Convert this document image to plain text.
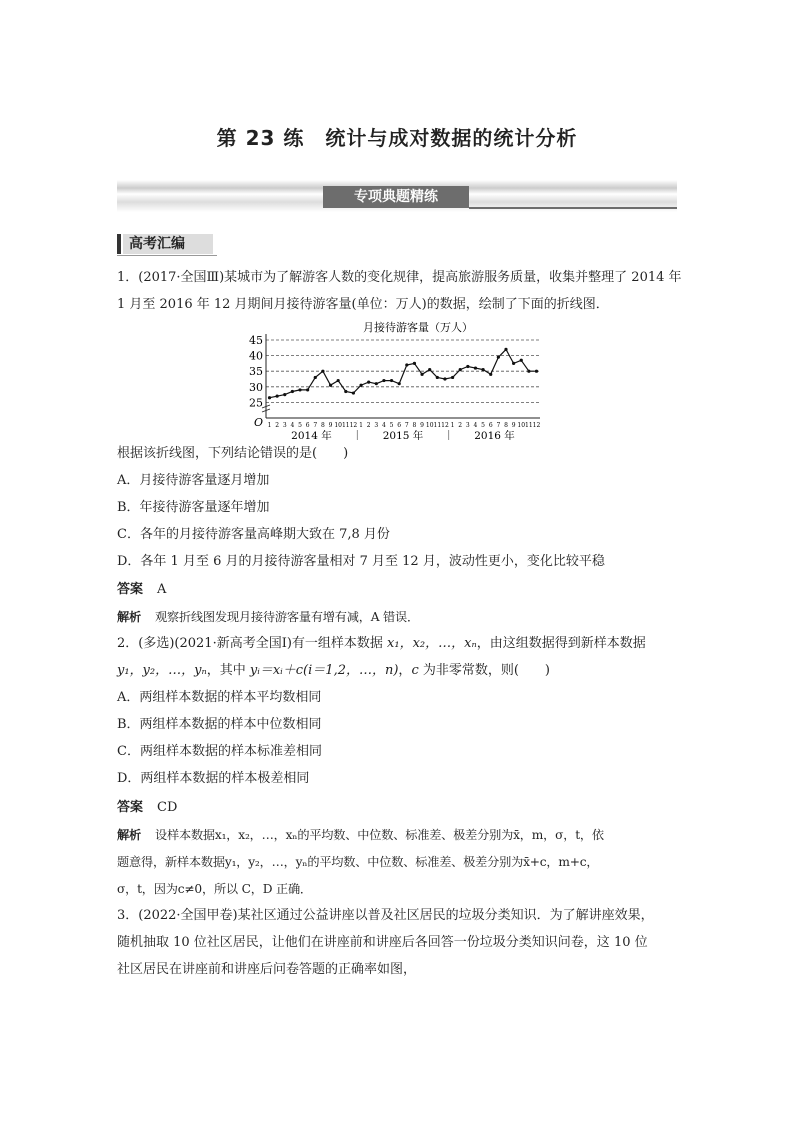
第 23 练　统计与成对数据的统计分析
专项典题精练
高考汇编
1．(2017·全国Ⅲ)某城市为了解游客人数的变化规律，提高旅游服务质量，收集并整理了 2014 年
1 月至 2016 年 12 月期间月接待游客量(单位：万人)的数据，绘制了下面的折线图．
月接待游客量（万人）
O
25
30
35
40
45
1 2 3 4 5 6 7 8 9 10 11 12 1 2 3 4 5 6 7 8 9 10 11 12 1 2 3 4 5 6 7 8 9 10 11 12
2014 年	2015 年	2016 年
根据该折线图，下列结论错误的是(　　)
A．月接待游客量逐月增加
B．年接待游客量逐年增加
C．各年的月接待游客量高峰期大致在 7,8 月份
D．各年 1 月至 6 月的月接待游客量相对 7 月至 12 月，波动性更小，变化比较平稳
答案 A
解析 观察折线图发现月接待游客量有增有减，A 错误．
2．(多选)(2021·新高考全国Ⅰ)有一组样本数据 x₁，x₂，…，xₙ，由这组数据得到新样本数据
y₁，y₂，…，yₙ，其中 yᵢ＝xᵢ＋c(i＝1,2，…，n)，c 为非零常数，则(　　)
A．两组样本数据的样本平均数相同
B．两组样本数据的样本中位数相同
C．两组样本数据的样本标准差相同
D．两组样本数据的样本极差相同
答案 CD
解析 设样本数据x₁，x₂，…，xₙ的平均数、中位数、标准差、极差分别为x̄，m，σ，t，依
题意得，新样本数据y₁，y₂，…，yₙ的平均数、中位数、标准差、极差分别为x̄+c，m+c，
σ，t，因为c≠0，所以 C，D 正确．
3．(2022·全国甲卷)某社区通过公益讲座以普及社区居民的垃圾分类知识．为了解讲座效果，
随机抽取 10 位社区居民，让他们在讲座前和讲座后各回答一份垃圾分类知识问卷，这 10 位
社区居民在讲座前和讲座后问卷答题的正确率如图，
